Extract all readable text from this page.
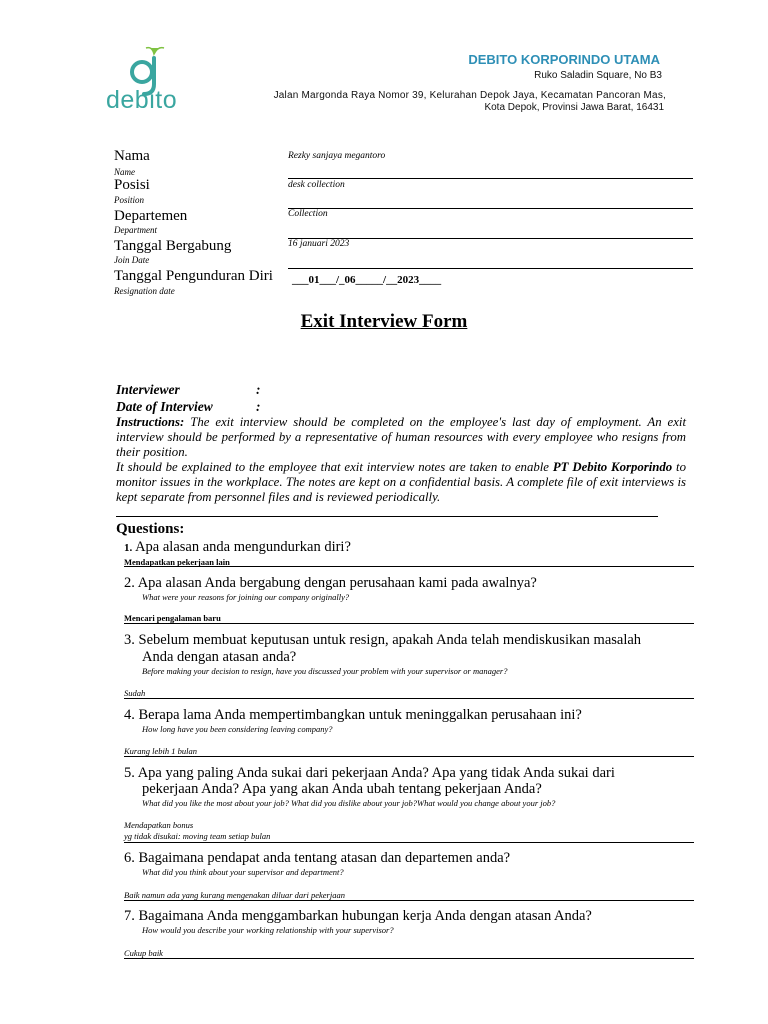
debito
DEBITO KORPORINDO UTAMA
Ruko Saladin Square, No B3
Jalan Margonda Raya Nomor 39, Kelurahan Depok Jaya, Kecamatan Pancoran Mas,
Kota Depok, Provinsi Jawa Barat, 16431
Nama
Name
Rezky sanjaya megantoro
Posisi
Position
desk collection
Departemen
Department
Collection
Tanggal Bergabung
Join Date
16 januari 2023
Tanggal Pengunduran Diri
Resignation date
___01___/_06_____/__2023____
Exit Interview Form
Interviewer	:
Date of Interview	:

Instructions: The exit interview should be completed on the employee's last day of employment. An exit interview should be performed by a representative of human resources with every employee who resigns from their position.

It should be explained to the employee that exit interview notes are taken to enable PT Debito Korporindo to monitor issues in the workplace. The notes are kept on a confidential basis. A complete file of exit interviews is kept separate from personnel files and is reviewed periodically.

Questions:
1. Apa alasan anda mengundurkan diri?
Mendapatkan pekerjaan lain
2. Apa alasan Anda bergabung dengan perusahaan kami pada awalnya?
What were your reasons for joining our company originally?
Mencari pengalaman baru
3. Sebelum membuat keputusan untuk resign, apakah Anda telah mendiskusikan masalah
Anda dengan atasan anda?
Before making your decision to resign, have you discussed your problem with your supervisor or manager?
Sudah
4. Berapa lama Anda mempertimbangkan untuk meninggalkan perusahaan ini?
How long have you been considering leaving company?
Kurang lebih 1 bulan
5. Apa yang paling Anda sukai dari pekerjaan Anda? Apa yang tidak Anda sukai dari
pekerjaan Anda? Apa yang akan Anda ubah tentang pekerjaan Anda?
What did you like the most about your job? What did you dislike about your job?What would you change about your job?
Mendapatkan bonus
yg tidak disukai: moving team setiap bulan
6. Bagaimana pendapat anda tentang atasan dan departemen anda?
What did you think about your supervisor and department?
Baik namun ada yang kurang mengenakan diluar dari pekerjaan
7. Bagaimana Anda menggambarkan hubungan kerja Anda dengan atasan Anda?
How would you describe your working relationship with your supervisor?
Cukup baik
